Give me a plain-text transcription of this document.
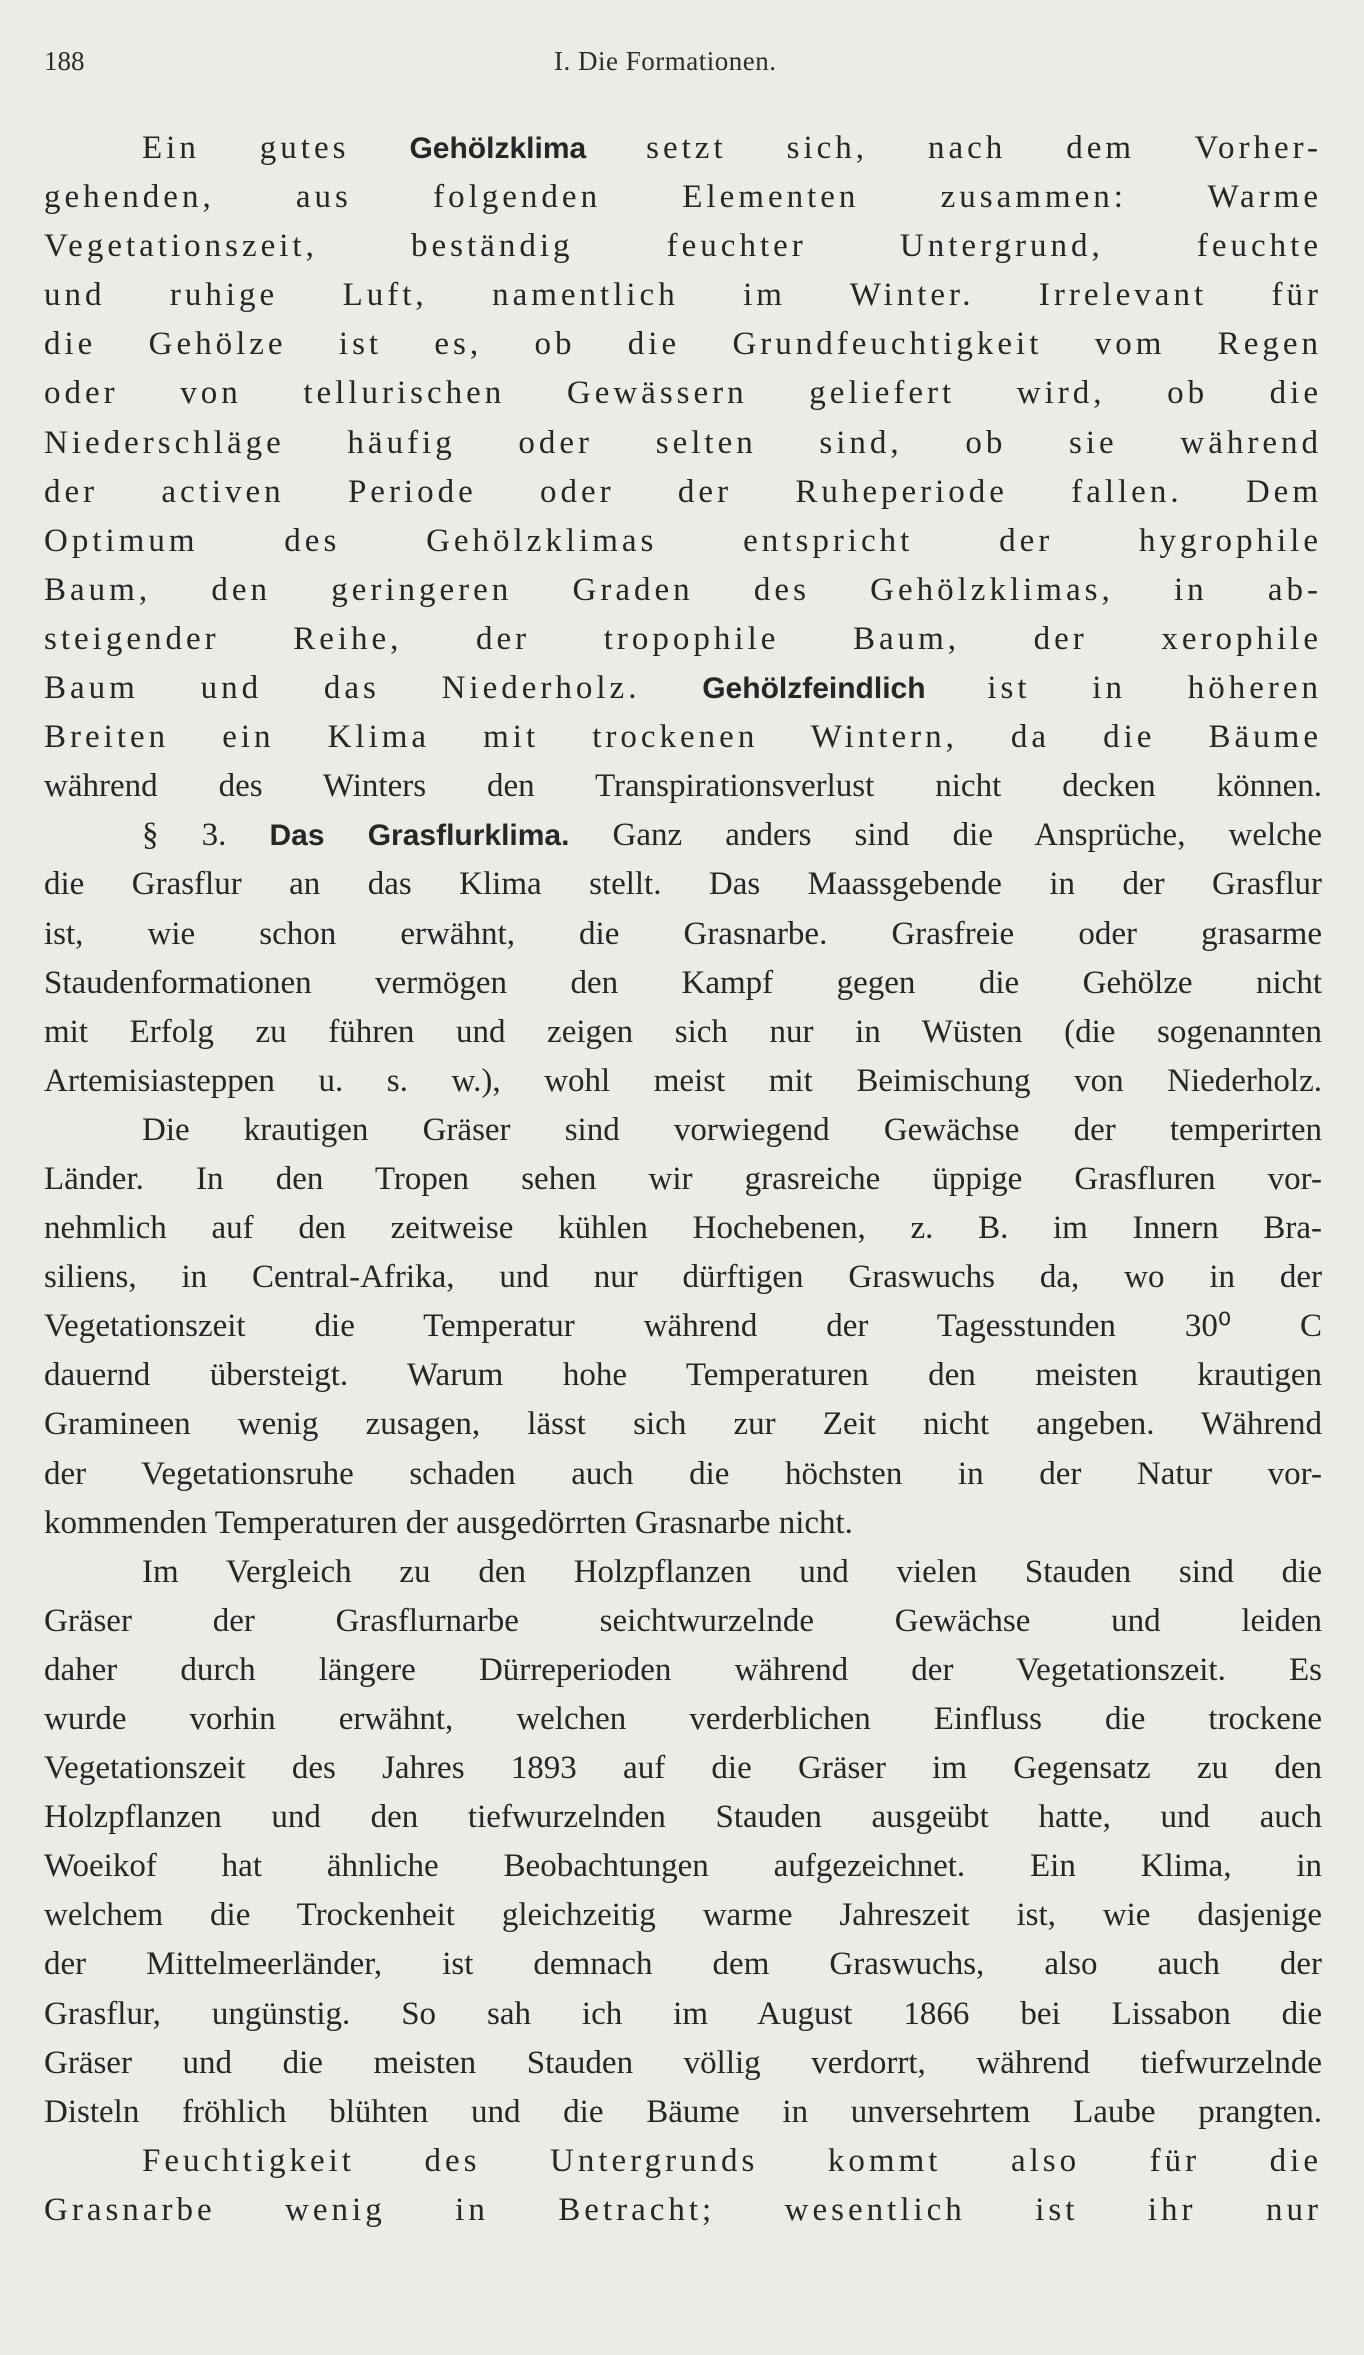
188	I. Die Formationen.
Ein gutes Gehölzklima setzt sich, nach dem Vorher-
gehenden, aus folgenden Elementen zusammen: Warme
Vegetationszeit, beständig feuchter Untergrund, feuchte
und ruhige Luft, namentlich im Winter. Irrelevant für
die Gehölze ist es, ob die Grundfeuchtigkeit vom Regen
oder von tellurischen Gewässern geliefert wird, ob die
Niederschläge häufig oder selten sind, ob sie während
der activen Periode oder der Ruheperiode fallen. Dem
Optimum des Gehölzklimas entspricht der hygrophile
Baum, den geringeren Graden des Gehölzklimas, in ab-
steigender Reihe, der tropophile Baum, der xerophile
Baum und das Niederholz. Gehölzfeindlich ist in höheren
Breiten ein Klima mit trockenen Wintern, da die Bäume
während des Winters den Transpirationsverlust nicht decken können.
§ 3. Das Grasflurklima. Ganz anders sind die Ansprüche, welche
die Grasflur an das Klima stellt. Das Maassgebende in der Grasflur
ist, wie schon erwähnt, die Grasnarbe. Grasfreie oder grasarme
Staudenformationen vermögen den Kampf gegen die Gehölze nicht
mit Erfolg zu führen und zeigen sich nur in Wüsten (die sogenannten
Artemisiasteppen u. s. w.), wohl meist mit Beimischung von Niederholz.
Die krautigen Gräser sind vorwiegend Gewächse der temperirten
Länder. In den Tropen sehen wir grasreiche üppige Grasfluren vor-
nehmlich auf den zeitweise kühlen Hochebenen, z. B. im Innern Bra-
siliens, in Central-Afrika, und nur dürftigen Graswuchs da, wo in der
Vegetationszeit die Temperatur während der Tagesstunden 30⁰ C
dauernd übersteigt. Warum hohe Temperaturen den meisten krautigen
Gramineen wenig zusagen, lässt sich zur Zeit nicht angeben. Während
der Vegetationsruhe schaden auch die höchsten in der Natur vor-
kommenden Temperaturen der ausgedörrten Grasnarbe nicht.
Im Vergleich zu den Holzpflanzen und vielen Stauden sind die
Gräser der Grasflurnarbe seichtwurzelnde Gewächse und leiden
daher durch längere Dürreperioden während der Vegetationszeit. Es
wurde vorhin erwähnt, welchen verderblichen Einfluss die trockene
Vegetationszeit des Jahres 1893 auf die Gräser im Gegensatz zu den
Holzpflanzen und den tiefwurzelnden Stauden ausgeübt hatte, und auch
Woeikof hat ähnliche Beobachtungen aufgezeichnet. Ein Klima, in
welchem die Trockenheit gleichzeitig warme Jahreszeit ist, wie dasjenige
der Mittelmeerländer, ist demnach dem Graswuchs, also auch der
Grasflur, ungünstig. So sah ich im August 1866 bei Lissabon die
Gräser und die meisten Stauden völlig verdorrt, während tiefwurzelnde
Disteln fröhlich blühten und die Bäume in unversehrtem Laube prangten.
Feuchtigkeit des Untergrunds kommt also für die
Grasnarbe wenig in Betracht; wesentlich ist ihr nur
